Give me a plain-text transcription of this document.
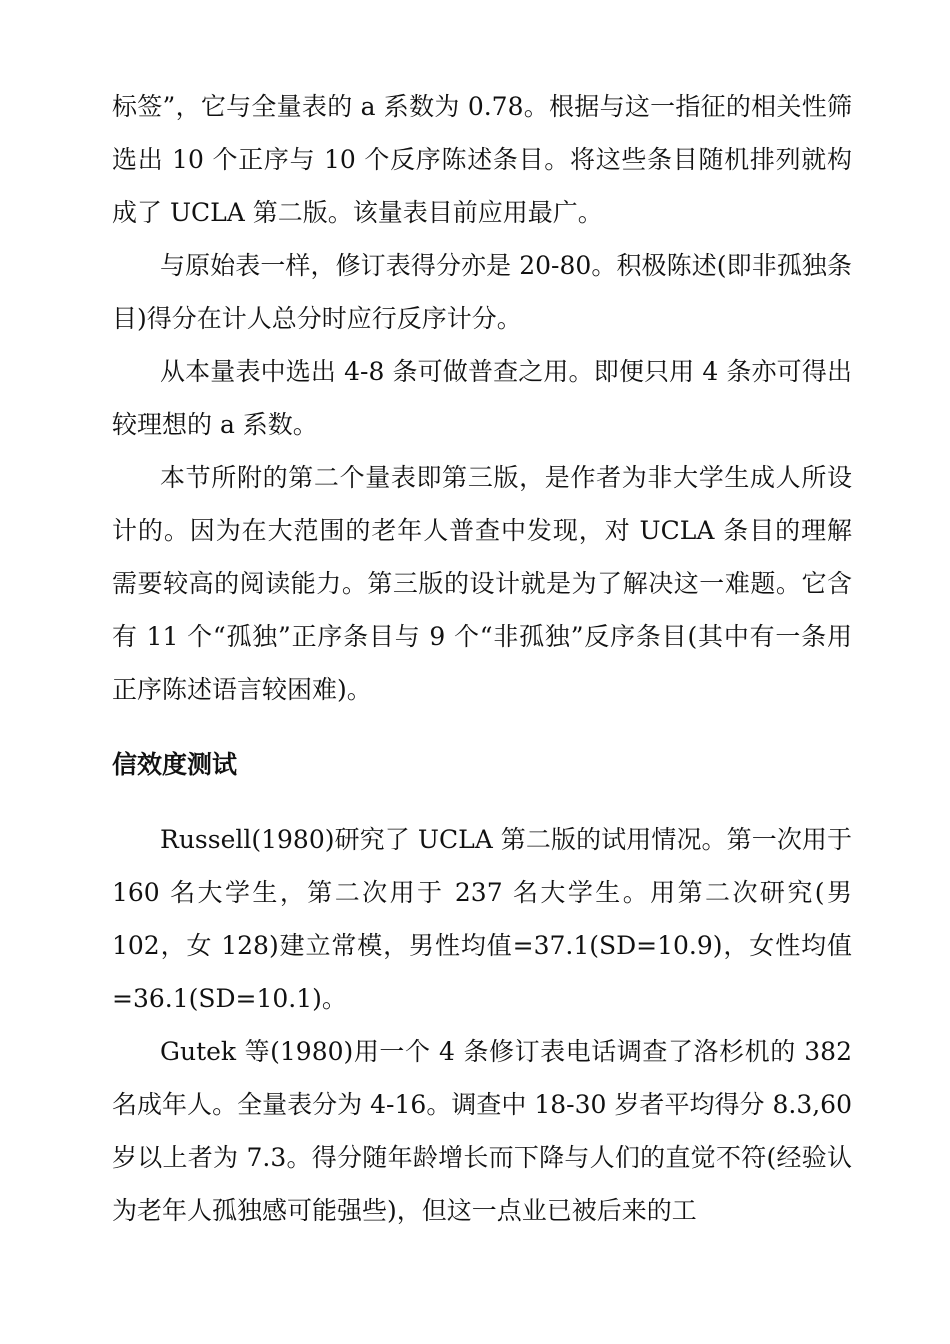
标签”，它与全量表的 a 系数为 0.78。根据与这一指征的相关性筛选出 10 个正序与 10 个反序陈述条目。将这些条目随机排列就构成了 UCLA 第二版。该量表目前应用最广。

与原始表一样，修订表得分亦是 20-80。积极陈述(即非孤独条目)得分在计人总分时应行反序计分。

从本量表中选出 4-8 条可做普查之用。即便只用 4 条亦可得出较理想的 a 系数。

本节所附的第二个量表即第三版，是作者为非大学生成人所设计的。因为在大范围的老年人普查中发现，对 UCLA 条目的理解需要较高的阅读能力。第三版的设计就是为了解决这一难题。它含有 11 个“孤独”正序条目与 9 个“非孤独”反序条目(其中有一条用正序陈述语言较困难)。

信效度测试

Russell(1980)研究了 UCLA 第二版的试用情况。第一次用于 160 名大学生，第二次用于 237 名大学生。用第二次研究(男 102，女 128)建立常模，男性均值=37.1(SD=10.9)，女性均值=36.1(SD=10.1)。

Gutek 等(1980)用一个 4 条修订表电话调查了洛杉机的 382 名成年人。全量表分为 4-16。调查中 18-30 岁者平均得分 8.3,60 岁以上者为 7.3。得分随年龄增长而下降与人们的直觉不符(经验认为老年人孤独感可能强些)，但这一点业已被后来的工
